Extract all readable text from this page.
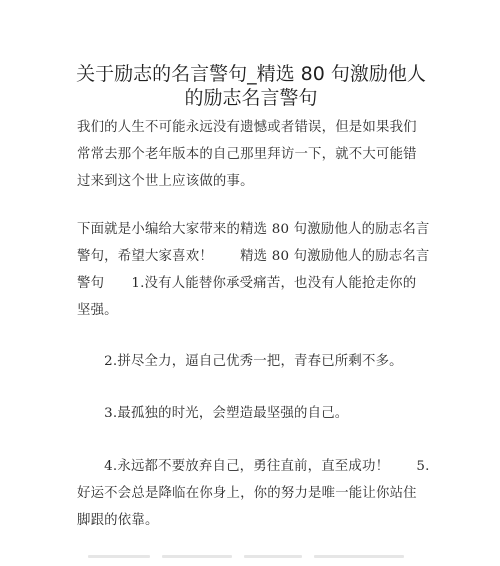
关于励志的名言警句_精选 80 句激励他人
的励志名言警句
我们的人生不可能永远没有遗憾或者错误，但是如果我们
常常去那个老年版本的自己那里拜访一下，就不大可能错
过来到这个世上应该做的事。
下面就是小编给大家带来的精选 80 句激励他人的励志名言
警句，希望大家喜欢！　　精选 80 句激励他人的励志名言
警句　　1.没有人能替你承受痛苦，也没有人能抢走你的
坚强。
　　2.拼尽全力，逼自己优秀一把，青春已所剩不多。
　　3.最孤独的时光，会塑造最坚强的自己。
　　4.永远都不要放弃自己，勇往直前，直至成功！　　5.
好运不会总是降临在你身上，你的努力是唯一能让你站住
脚跟的依靠。
